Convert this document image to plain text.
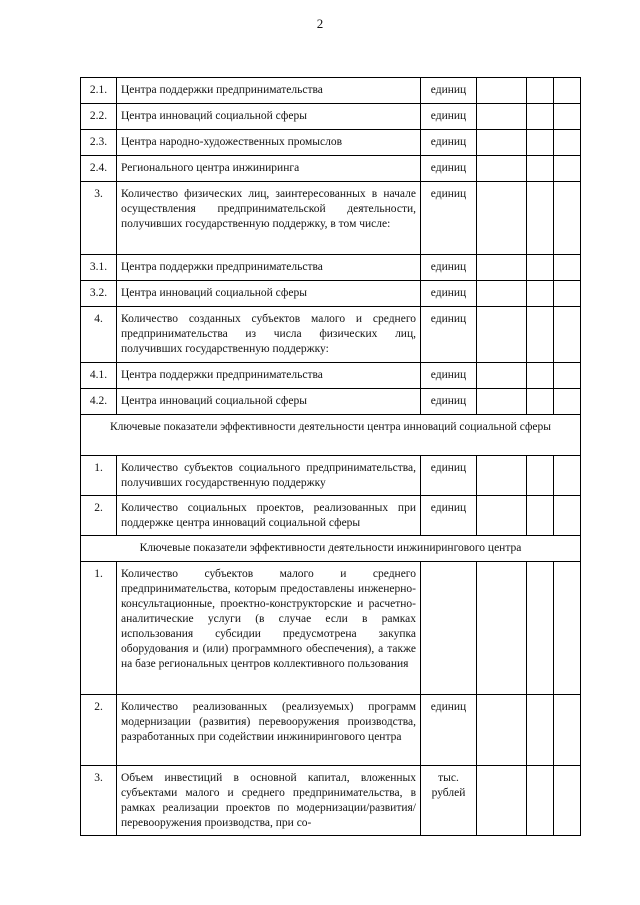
2
2.1.	Центра поддержки предпринимательства	единиц			
2.2.	Центра инноваций социальной сферы	единиц			
2.3.	Центра народно-художественных промыслов	единиц			
2.4.	Регионального центра инжиниринга	единиц			
3.	Количество физических лиц, заинтересованных в начале осуществления предпринимательской деятельности, получивших государственную поддержку, в том числе:	единиц			
3.1.	Центра поддержки предпринимательства	единиц			
3.2.	Центра инноваций социальной сферы	единиц			
4.	Количество созданных субъектов малого и среднего предпринимательства из числа физических лиц, получивших государственную поддержку:	единиц			
4.1.	Центра поддержки предпринимательства	единиц			
4.2.	Центра инноваций социальной сферы	единиц			
Ключевые показатели эффективности деятельности центра инноваций социальной сферы					
1.	Количество субъектов социального предпринимательства, получивших государственную поддержку	единиц			
2.	Количество социальных проектов, реализованных при поддержке центра инноваций социальной сферы	единиц			
Ключевые показатели эффективности деятельности инжинирингового центра					
1.	Количество субъектов малого и среднего предпринимательства, которым предоставлены инженерно-консультационные, проектно-конструкторские и расчетно-аналитические услуги (в случае если в рамках использования субсидии предусмотрена закупка оборудования и (или) программного обеспечения), а также на базе региональных центров коллективного пользования				
2.	Количество реализованных (реализуемых) программ модернизации (развития) перевооружения производства, разработанных при содействии инжинирингового центра	единиц			
3.	Объем инвестиций в основной капитал, вложенных субъектами малого и среднего предпринимательства, в рамках реализации проектов по модернизации/развития/перевооружения производства, при со-	тыс. рублей			
